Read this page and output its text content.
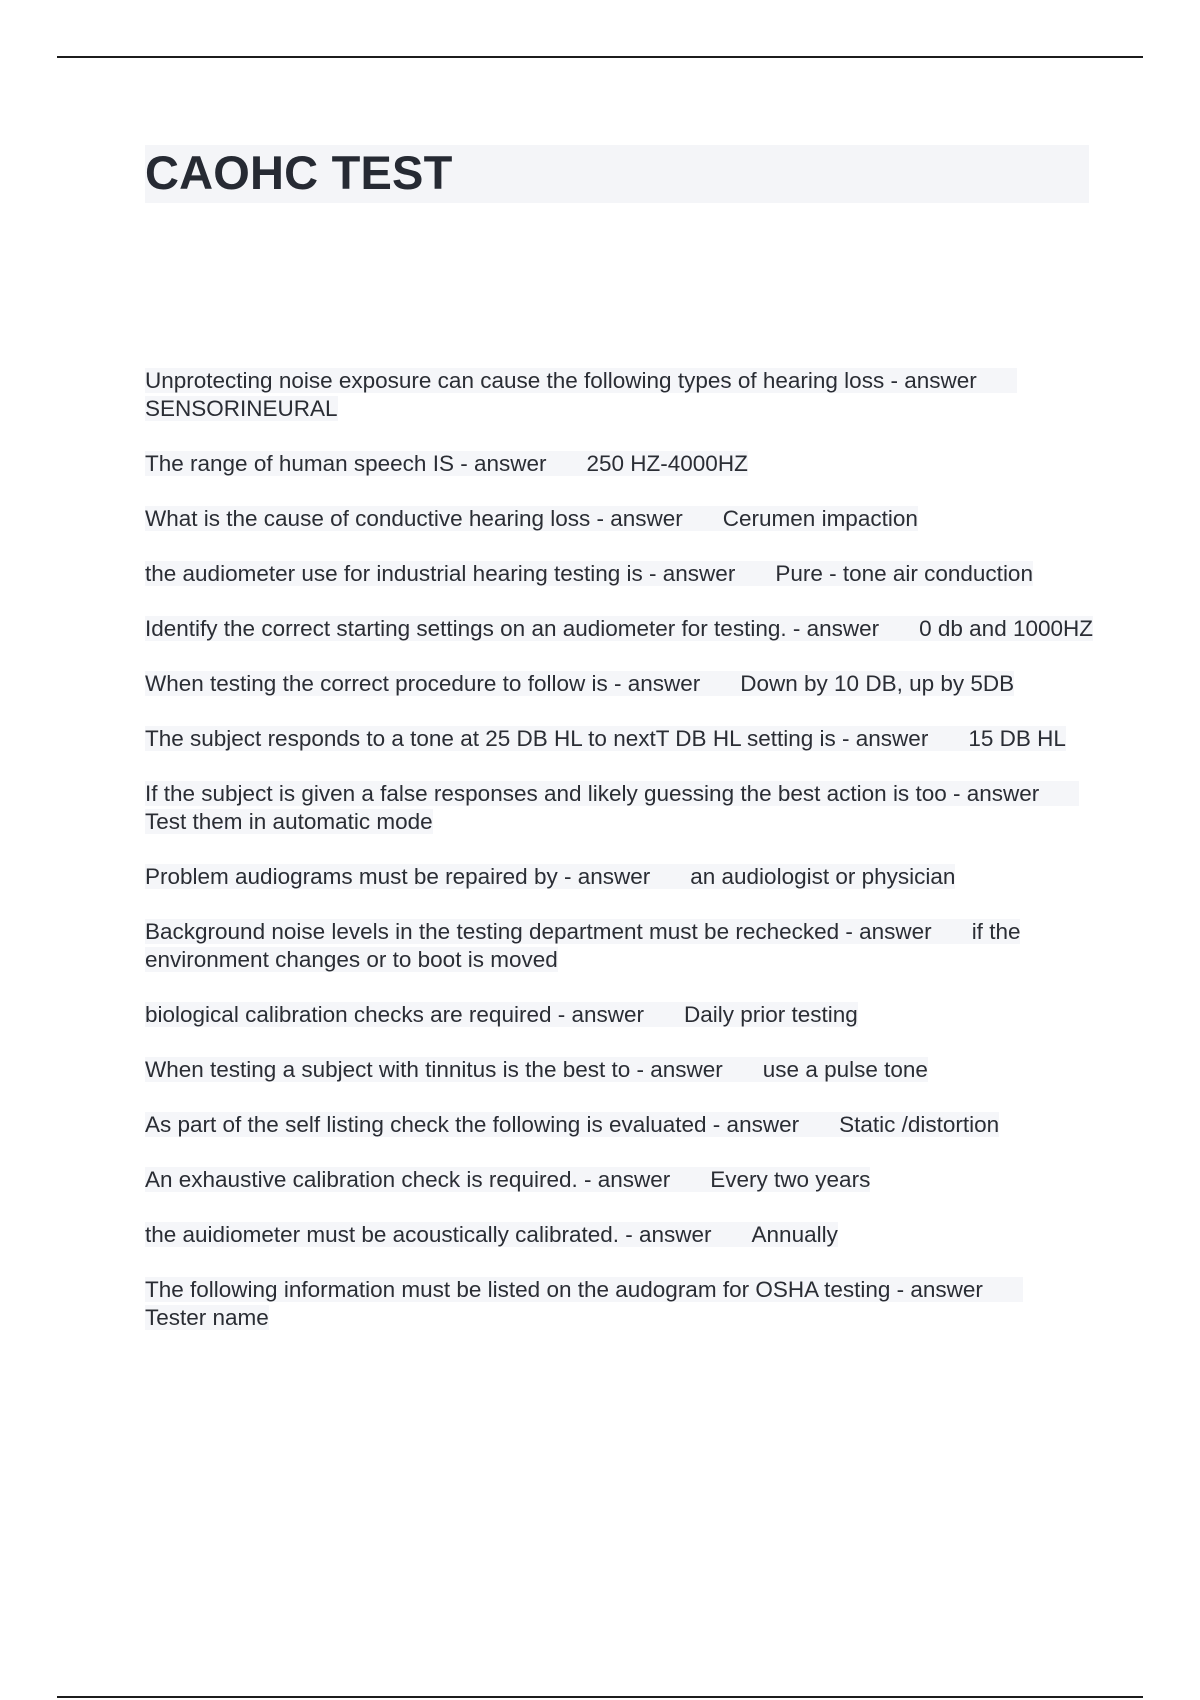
CAOHC TEST
Unprotecting noise exposure can cause the following types of hearing loss - answer
SENSORINEURAL
The range of human speech IS - answer 250 HZ-4000HZ
What is the cause of conductive hearing loss - answer Cerumen impaction
the audiometer use for industrial hearing testing is - answer Pure - tone air conduction
Identify the correct starting settings on an audiometer for testing. - answer 0 db and 1000HZ
When testing the correct procedure to follow is - answer Down by 10 DB, up by 5DB
The subject responds to a tone at 25 DB HL to nextT DB HL setting is - answer 15 DB HL
If the subject is given a false responses and likely guessing the best action is too - answerTest them in automatic mode
Problem audiograms must be repaired by - answer an audiologist or physician
Background noise levels in the testing department must be rechecked - answer if the environment changes or to boot is moved
biological calibration checks are required - answer Daily prior testing
When testing a subject with tinnitus is the best to - answer use a pulse tone
As part of the self listing check the following is evaluated - answer Static /distortion
An exhaustive calibration check is required. - answer Every two years
the auidiometer must be acoustically calibrated. - answer Annually
The following information must be listed on the audogram for OSHA testing - answer
Tester name
